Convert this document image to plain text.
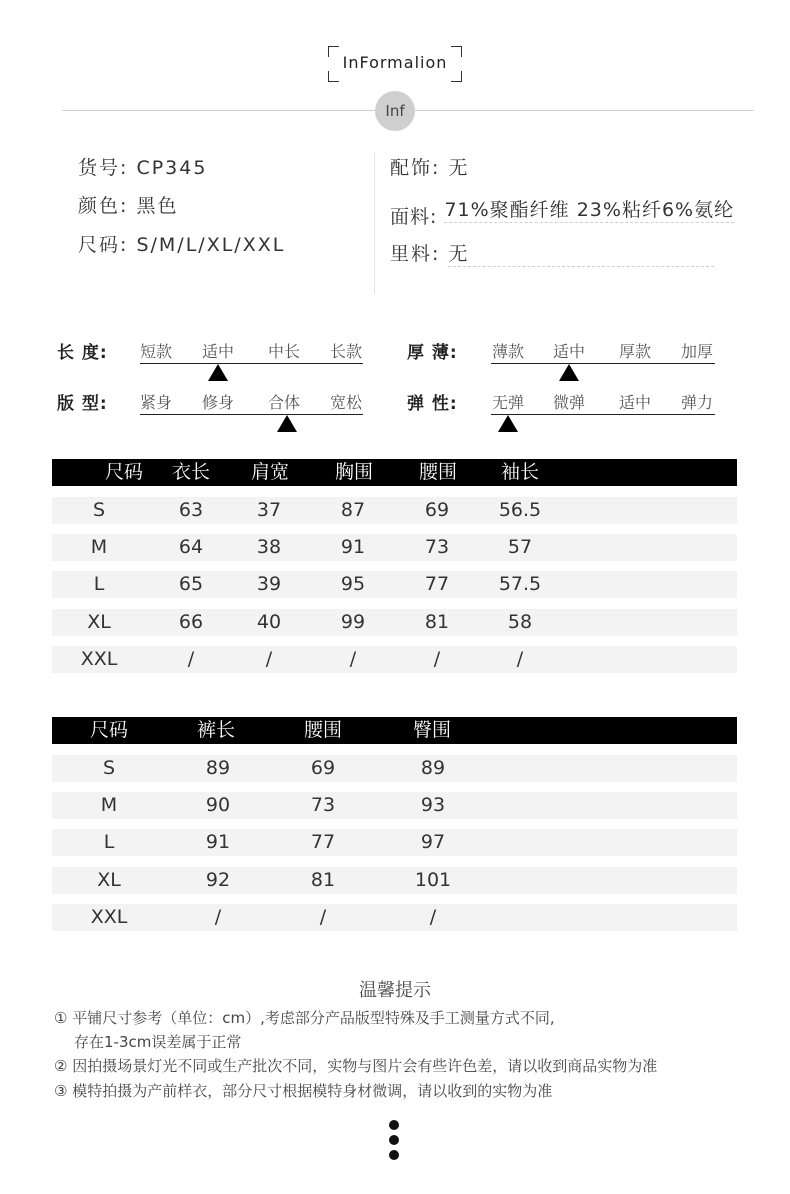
InFormalion
Inf
货号: CP345
颜色: 黑色
尺码: S/M/L/XL/XXL
配饰: 无
面料: 71%聚酯纤维 23%粘纤6%氨纶
里料: 无
长 度: 短款 适中 中长 长款	厚 薄: 薄款 适中 厚款 加厚
版 型: 紧身 修身 合体 宽松	弹 性: 无弹 微弹 适中 弹力
尺码	衣长	肩宽	胸围	腰围	袖长
S	63	37	87	69	56.5
M	64	38	91	73	57
L	65	39	95	77	57.5
XL	66	40	99	81	58
XXL	/	/	/	/	/
尺码	裤长	腰围	臀围
S	89	69	89
M	90	73	93
L	91	77	97
XL	92	81	101
XXL	/	/	/
温馨提示
① 平铺尺寸参考（单位：cm）,考虑部分产品版型特殊及手工测量方式不同,
存在1-3cm误差属于正常
② 因拍摄场景灯光不同或生产批次不同，实物与图片会有些许色差，请以收到商品实物为准
③ 模特拍摄为产前样衣，部分尺寸根据模特身材微调，请以收到的实物为准
